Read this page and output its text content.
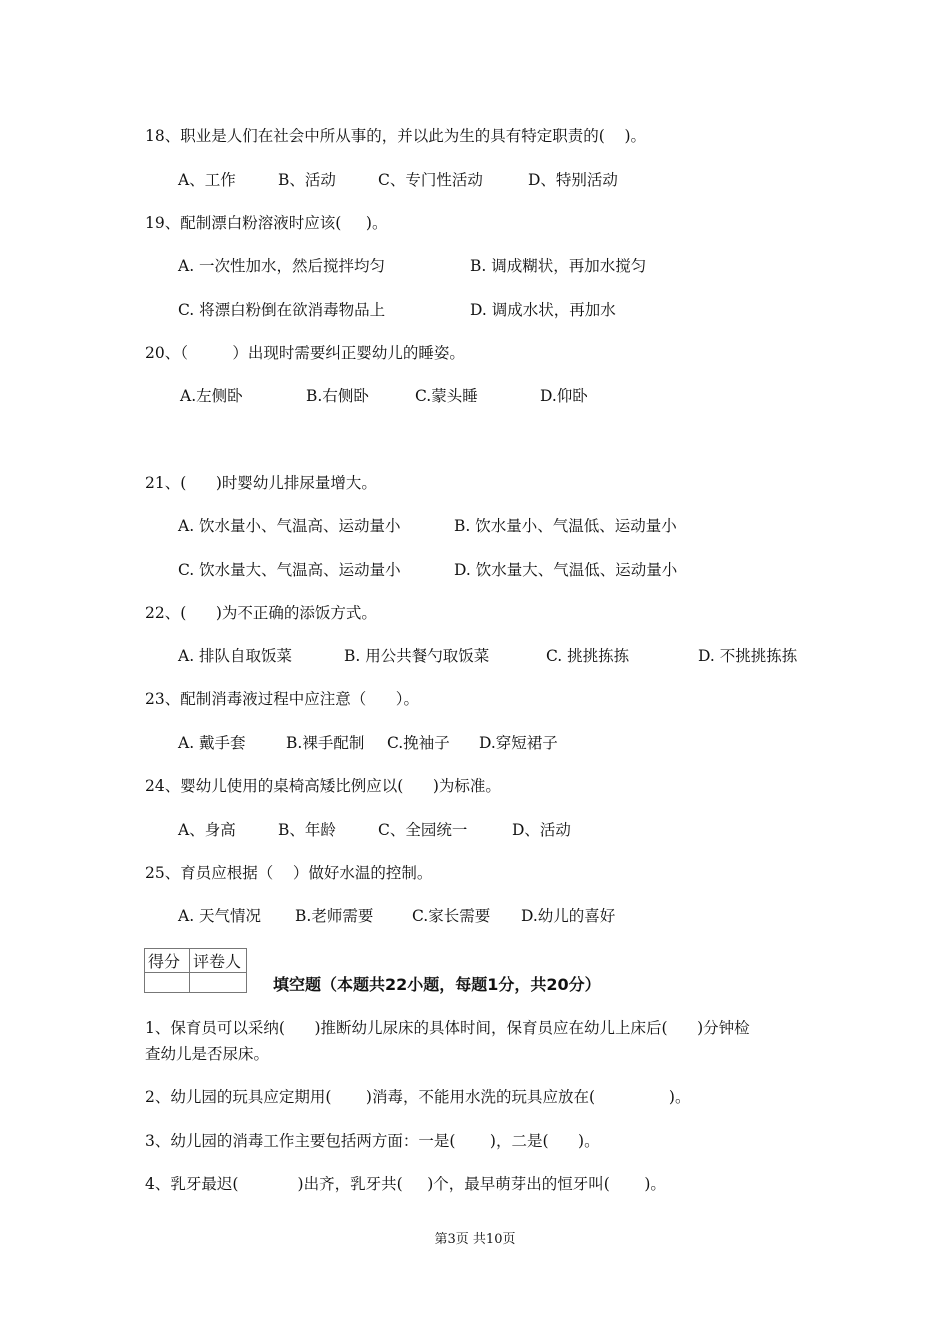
18、职业是人们在社会中所从事的，并以此为生的具有特定职责的(    )。
A、工作	B、活动	C、专门性活动	D、特别活动
19、配制漂白粉溶液时应该(     )。
A. 一次性加水，然后搅拌均匀	B. 调成糊状，再加水搅匀
C. 将漂白粉倒在欲消毒物品上	D. 调成水状，再加水
20、（         ）出现时需要纠正婴幼儿的睡姿。
A.左侧卧	B.右侧卧	C.蒙头睡	D.仰卧
21、(      )时婴幼儿排尿量增大。
A. 饮水量小、气温高、运动量小	B. 饮水量小、气温低、运动量小
C. 饮水量大、气温高、运动量小	D. 饮水量大、气温低、运动量小
22、(      )为不正确的添饭方式。
A. 排队自取饭菜	B. 用公共餐勺取饭菜	C. 挑挑拣拣	D. 不挑挑拣拣
23、配制消毒液过程中应注意（      ）。
A. 戴手套	B.裸手配制 C.挽袖子 D.穿短裙子
24、婴幼儿使用的桌椅高矮比例应以(      )为标准。
A、身高	B、年龄	C、全园统一	D、活动
25、育员应根据（    ）做好水温的控制。
A. 天气情况 B.老师需要 C.家长需要 D.幼儿的喜好
得分	评卷人

填空题（本题共22小题，每题1分，共20分）
1、保育员可以采纳(      )推断幼儿尿床的具体时间，保育员应在幼儿上床后(      )分钟检
查幼儿是否尿床。
2、幼儿园的玩具应定期用(       )消毒，不能用水洗的玩具应放在(               )。
3、幼儿园的消毒工作主要包括两方面：一是(       )，二是(      )。
4、乳牙最迟(            )出齐，乳牙共(     )个，最早萌芽出的恒牙叫(       )。
第3页 共10页
